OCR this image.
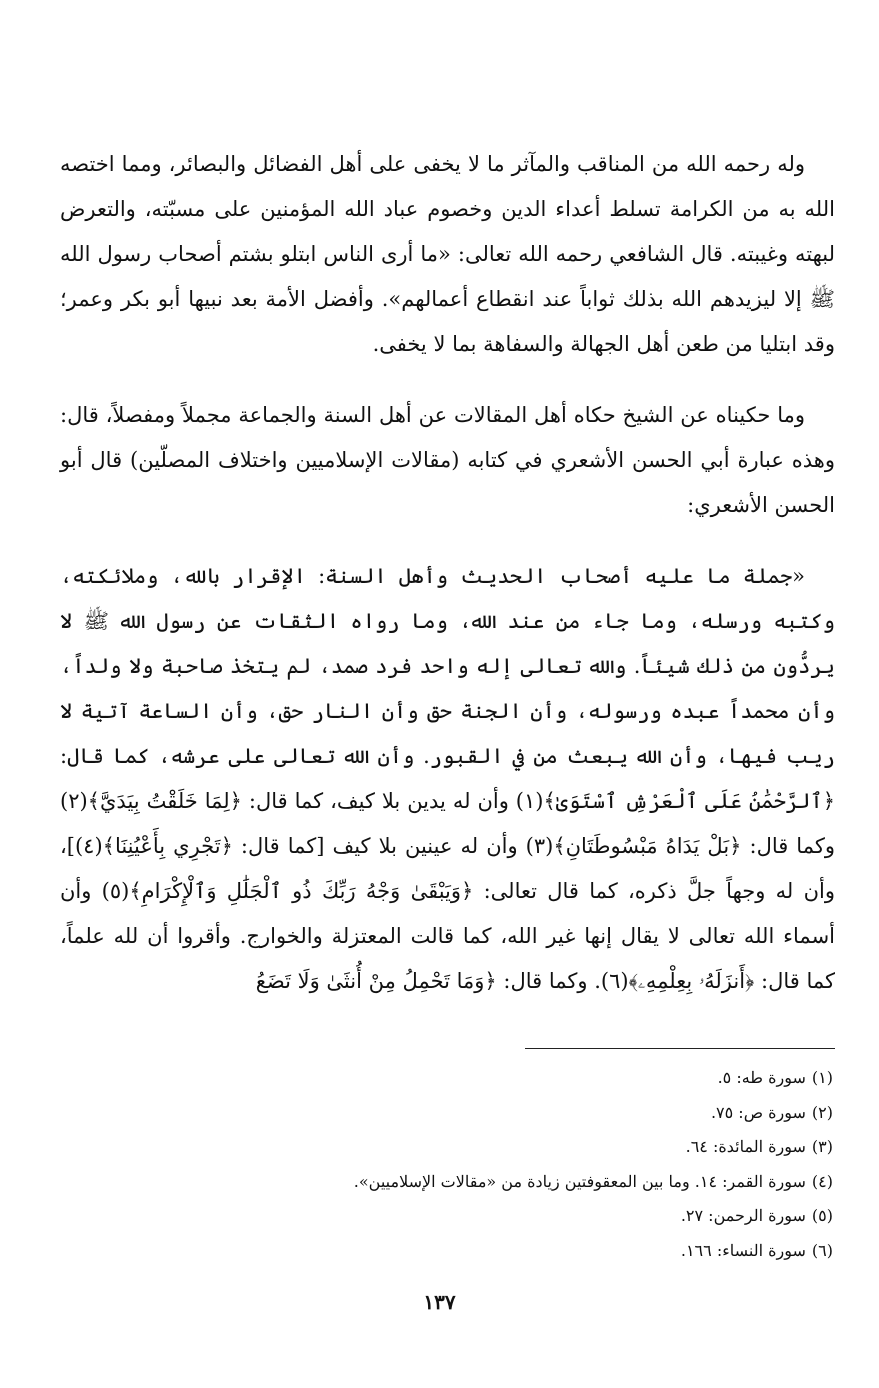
وله رحمه الله من المناقب والمآثر ما لا يخفى على أهل الفضائل والبصائر، ومما اختصه الله به من الكرامة تسلط أعداء الدين وخصوم عباد الله المؤمنين على مسبّته، والتعرض لبهته وغيبته. قال الشافعي رحمه الله تعالى: «ما أرى الناس ابتلو بشتم أصحاب رسول الله ﷺ إلا ليزيدهم الله بذلك ثواباً عند انقطاع أعمالهم». وأفضل الأمة بعد نبيها أبو بكر وعمر؛ وقد ابتليا من طعن أهل الجهالة والسفاهة بما لا يخفى.

وما حكيناه عن الشيخ حكاه أهل المقالات عن أهل السنة والجماعة مجملاً ومفصلاً، قال: وهذه عبارة أبي الحسن الأشعري في كتابه (مقالات الإسلاميين واختلاف المصلّين) قال أبو الحسن الأشعري:

«جملة ما عليه أصحاب الحديث وأهل السنة: الإقرار بالله، وملائكته، وكتبه ورسله، وما جاء من عند الله، وما رواه الثقات عن رسول الله ﷺ لا يردُّون من ذلك شيئاً. والله تعالى إله واحد فرد صمد، لم يتخذ صاحبة ولا ولداً، وأن محمداً عبده ورسوله، وأن الجنة حق وأن النار حق، وأن الساعة آتية لا ريب فيها، وأن الله يبعث من في القبور. وأن الله تعالى على عرشه، كما قال: ﴿ٱلرَّحْمَٰنُ عَلَى ٱلْعَرْشِ ٱسْتَوَىٰ﴾(١) وأن له يدين بلا كيف، كما قال: ﴿لِمَا خَلَقْتُ بِيَدَيَّ﴾(٢) وكما قال: ﴿بَلْ يَدَاهُ مَبْسُوطَتَانِ﴾(٣) وأن له عينين بلا كيف [كما قال: ﴿تَجْرِي بِأَعْيُنِنَا﴾(٤)]، وأن له وجهاً جلَّ ذكره، كما قال تعالى: ﴿وَيَبْقَىٰ وَجْهُ رَبِّكَ ذُو ٱلْجَلَٰلِ وَٱلْإِكْرَامِ﴾(٥) وأن أسماء الله تعالى لا يقال إنها غير الله، كما قالت المعتزلة والخوارج. وأقروا أن لله علماً، كما قال: ﴿أَنزَلَهُۥ بِعِلْمِهِۦ﴾(٦). وكما قال: ﴿وَمَا تَحْمِلُ مِنْ أُنثَىٰ وَلَا تَضَعُ

(١)سورة طه: ٥.
(٢)سورة ص: ٧٥.
(٣)سورة المائدة: ٦٤.
(٤)سورة القمر: ١٤. وما بين المعقوفتين زيادة من «مقالات الإسلاميين».
(٥)سورة الرحمن: ٢٧.
(٦)سورة النساء: ١٦٦.
١٣٧
